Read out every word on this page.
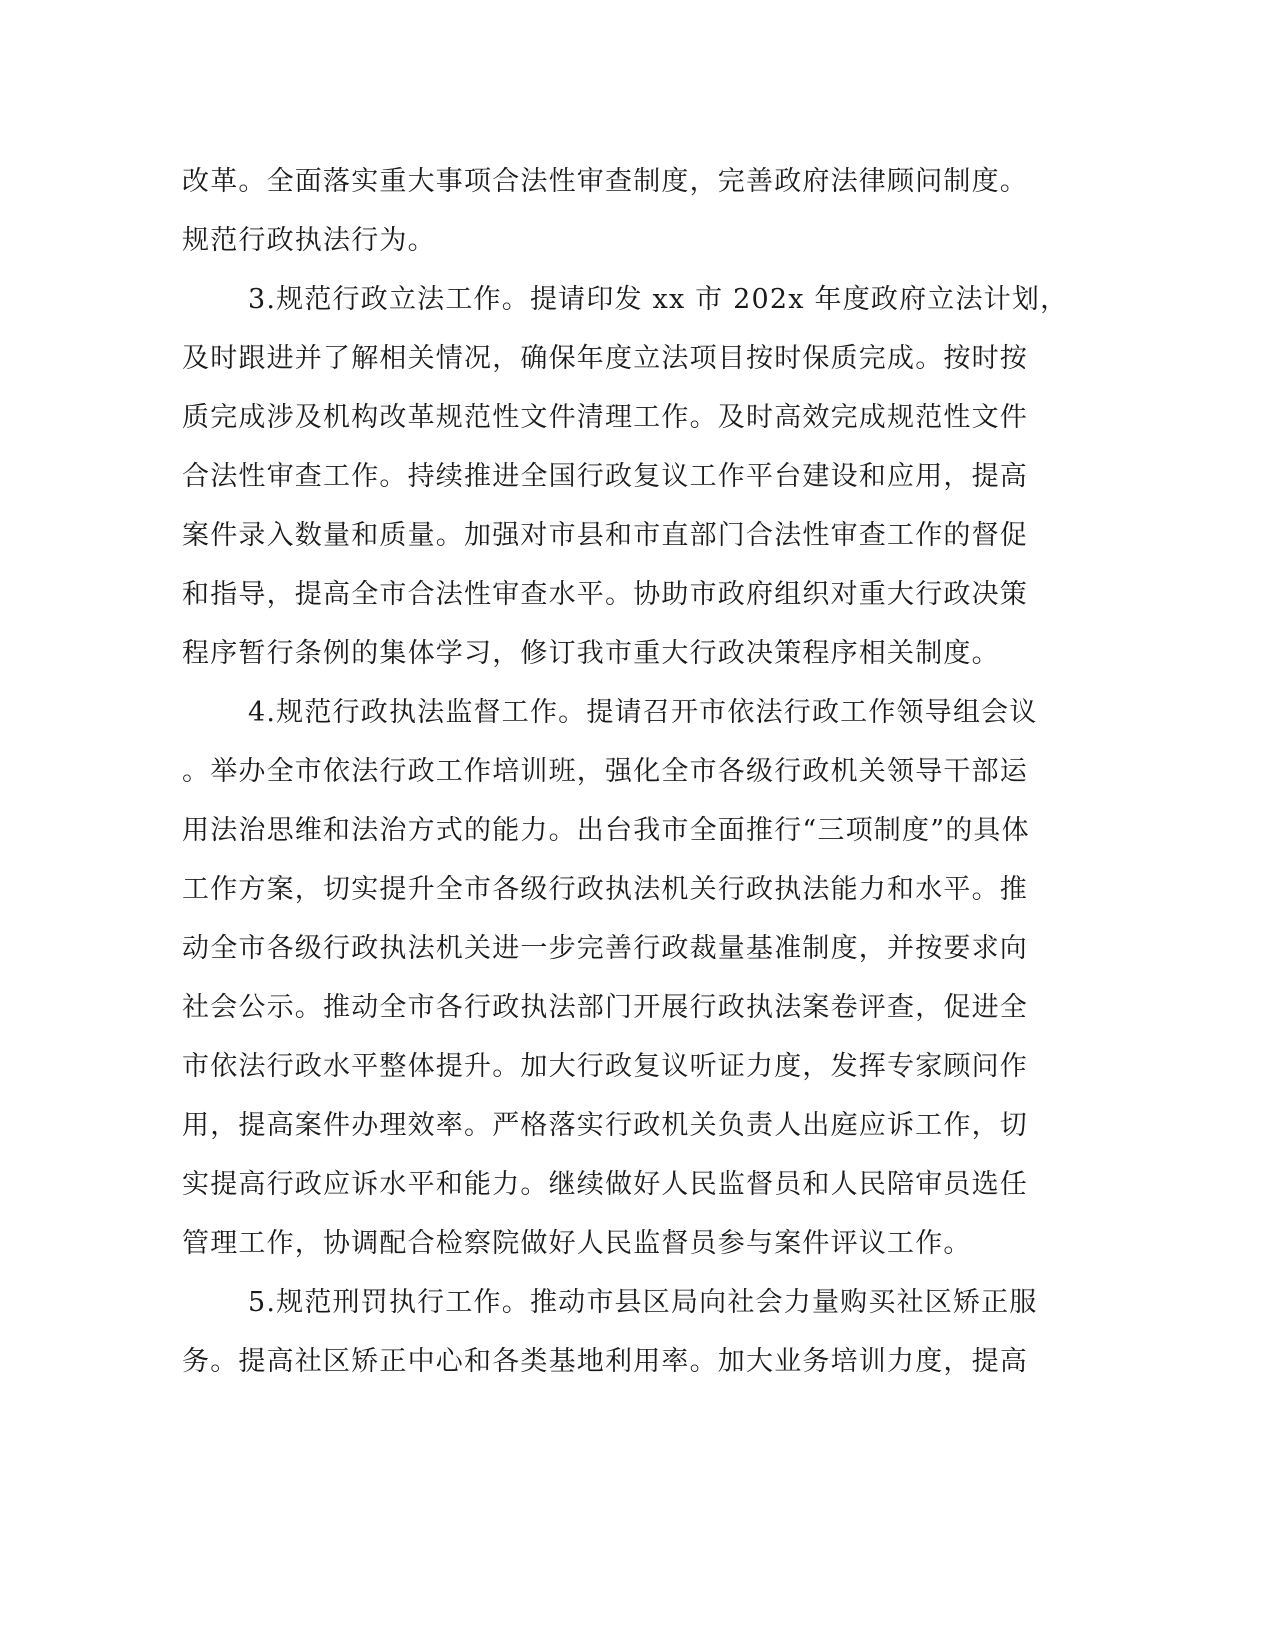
改革。全面落实重大事项合法性审查制度，完善政府法律顾问制度。
规范行政执法行为。
3.规范行政立法工作。提请印发 xx 市 202x 年度政府立法计划，
及时跟进并了解相关情况，确保年度立法项目按时保质完成。按时按
质完成涉及机构改革规范性文件清理工作。及时高效完成规范性文件
合法性审查工作。持续推进全国行政复议工作平台建设和应用，提高
案件录入数量和质量。加强对市县和市直部门合法性审查工作的督促
和指导，提高全市合法性审查水平。协助市政府组织对重大行政决策
程序暂行条例的集体学习，修订我市重大行政决策程序相关制度。
4.规范行政执法监督工作。提请召开市依法行政工作领导组会议
。举办全市依法行政工作培训班，强化全市各级行政机关领导干部运
用法治思维和法治方式的能力。出台我市全面推行“三项制度”的具体
工作方案，切实提升全市各级行政执法机关行政执法能力和水平。推
动全市各级行政执法机关进一步完善行政裁量基准制度，并按要求向
社会公示。推动全市各行政执法部门开展行政执法案卷评查，促进全
市依法行政水平整体提升。加大行政复议听证力度，发挥专家顾问作
用，提高案件办理效率。严格落实行政机关负责人出庭应诉工作，切
实提高行政应诉水平和能力。继续做好人民监督员和人民陪审员选任
管理工作，协调配合检察院做好人民监督员参与案件评议工作。
5.规范刑罚执行工作。推动市县区局向社会力量购买社区矫正服
务。提高社区矫正中心和各类基地利用率。加大业务培训力度，提高
